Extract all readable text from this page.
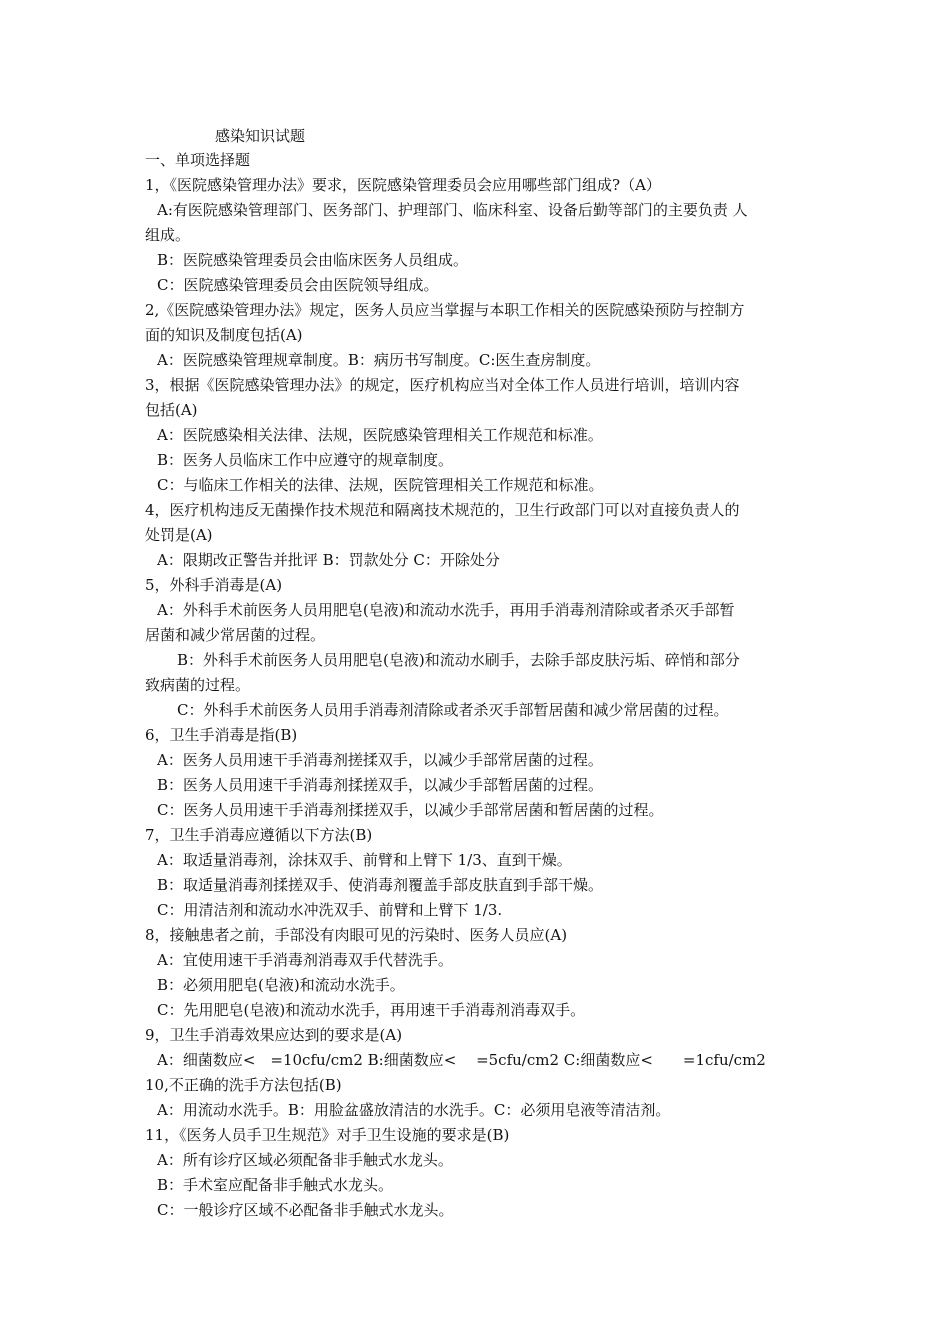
感染知识试题
一、单项选择题
1，《医院感染管理办法》要求，医院感染管理委员会应用哪些部门组成?（A）
A:有医院感染管理部门、医务部门、护理部门、临床科室、设备后勤等部门的主要负责 人
组成。
B：医院感染管理委员会由临床医务人员组成。
C：医院感染管理委员会由医院领导组成。
2,《医院感染管理办法》规定，医务人员应当掌握与本职工作相关的医院感染预防与控制方
面的知识及制度包括(A)
A：医院感染管理规章制度。B：病历书写制度。C:医生查房制度。
3，根据《医院感染管理办法》的规定，医疗机构应当对全体工作人员进行培训，培训内容
包括(A)
A：医院感染相关法律、法规，医院感染管理相关工作规范和标准。
B：医务人员临床工作中应遵守的规章制度。
C：与临床工作相关的法律、法规，医院管理相关工作规范和标准。
4，医疗机构违反无菌操作技术规范和隔离技术规范的，卫生行政部门可以对直接负责人的
处罚是(A)
A：限期改正警告并批评 B：罚款处分 C：开除处分
5，外科手消毒是(A)
A：外科手术前医务人员用肥皂(皂液)和流动水洗手，再用手消毒剂清除或者杀灭手部暂
居菌和减少常居菌的过程。
B：外科手术前医务人员用肥皂(皂液)和流动水刷手，去除手部皮肤污垢、碎悄和部分
致病菌的过程。
C：外科手术前医务人员用手消毒剂清除或者杀灭手部暂居菌和减少常居菌的过程。
6，卫生手消毒是指(B)
A：医务人员用速干手消毒剂搓揉双手，以减少手部常居菌的过程。
B：医务人员用速干手消毒剂揉搓双手，以减少手部暂居菌的过程。
C：医务人员用速干手消毒剂揉搓双手，以减少手部常居菌和暂居菌的过程。
7，卫生手消毒应遵循以下方法(B)
A：取适量消毒剂，涂抹双手、前臂和上臂下 1/3、直到干燥。
B：取适量消毒剂揉搓双手、使消毒剂覆盖手部皮肤直到手部干燥。
C：用清洁剂和流动水冲洗双手、前臂和上臂下 1/3.
8，接触患者之前，手部没有肉眼可见的污染时、医务人员应(A)
A：宜使用速干手消毒剂消毒双手代替洗手。
B：必须用肥皂(皂液)和流动水洗手。
C：先用肥皂(皂液)和流动水洗手，再用速干手消毒剂消毒双手。
9，卫生手消毒效果应达到的要求是(A)
A：细菌数应<　=10cfu/cm2 B:细菌数应<　 =5cfu/cm2 C:细菌数应<　　=1cfu/cm2
10,不正确的洗手方法包括(B)
A：用流动水洗手。B：用脸盆盛放清洁的水洗手。C：必须用皂液等清洁剂。
11，《医务人员手卫生规范》对手卫生设施的要求是(B)
A：所有诊疗区域必须配备非手触式水龙头。
B：手术室应配备非手触式水龙头。
C：一般诊疗区域不必配备非手触式水龙头。
